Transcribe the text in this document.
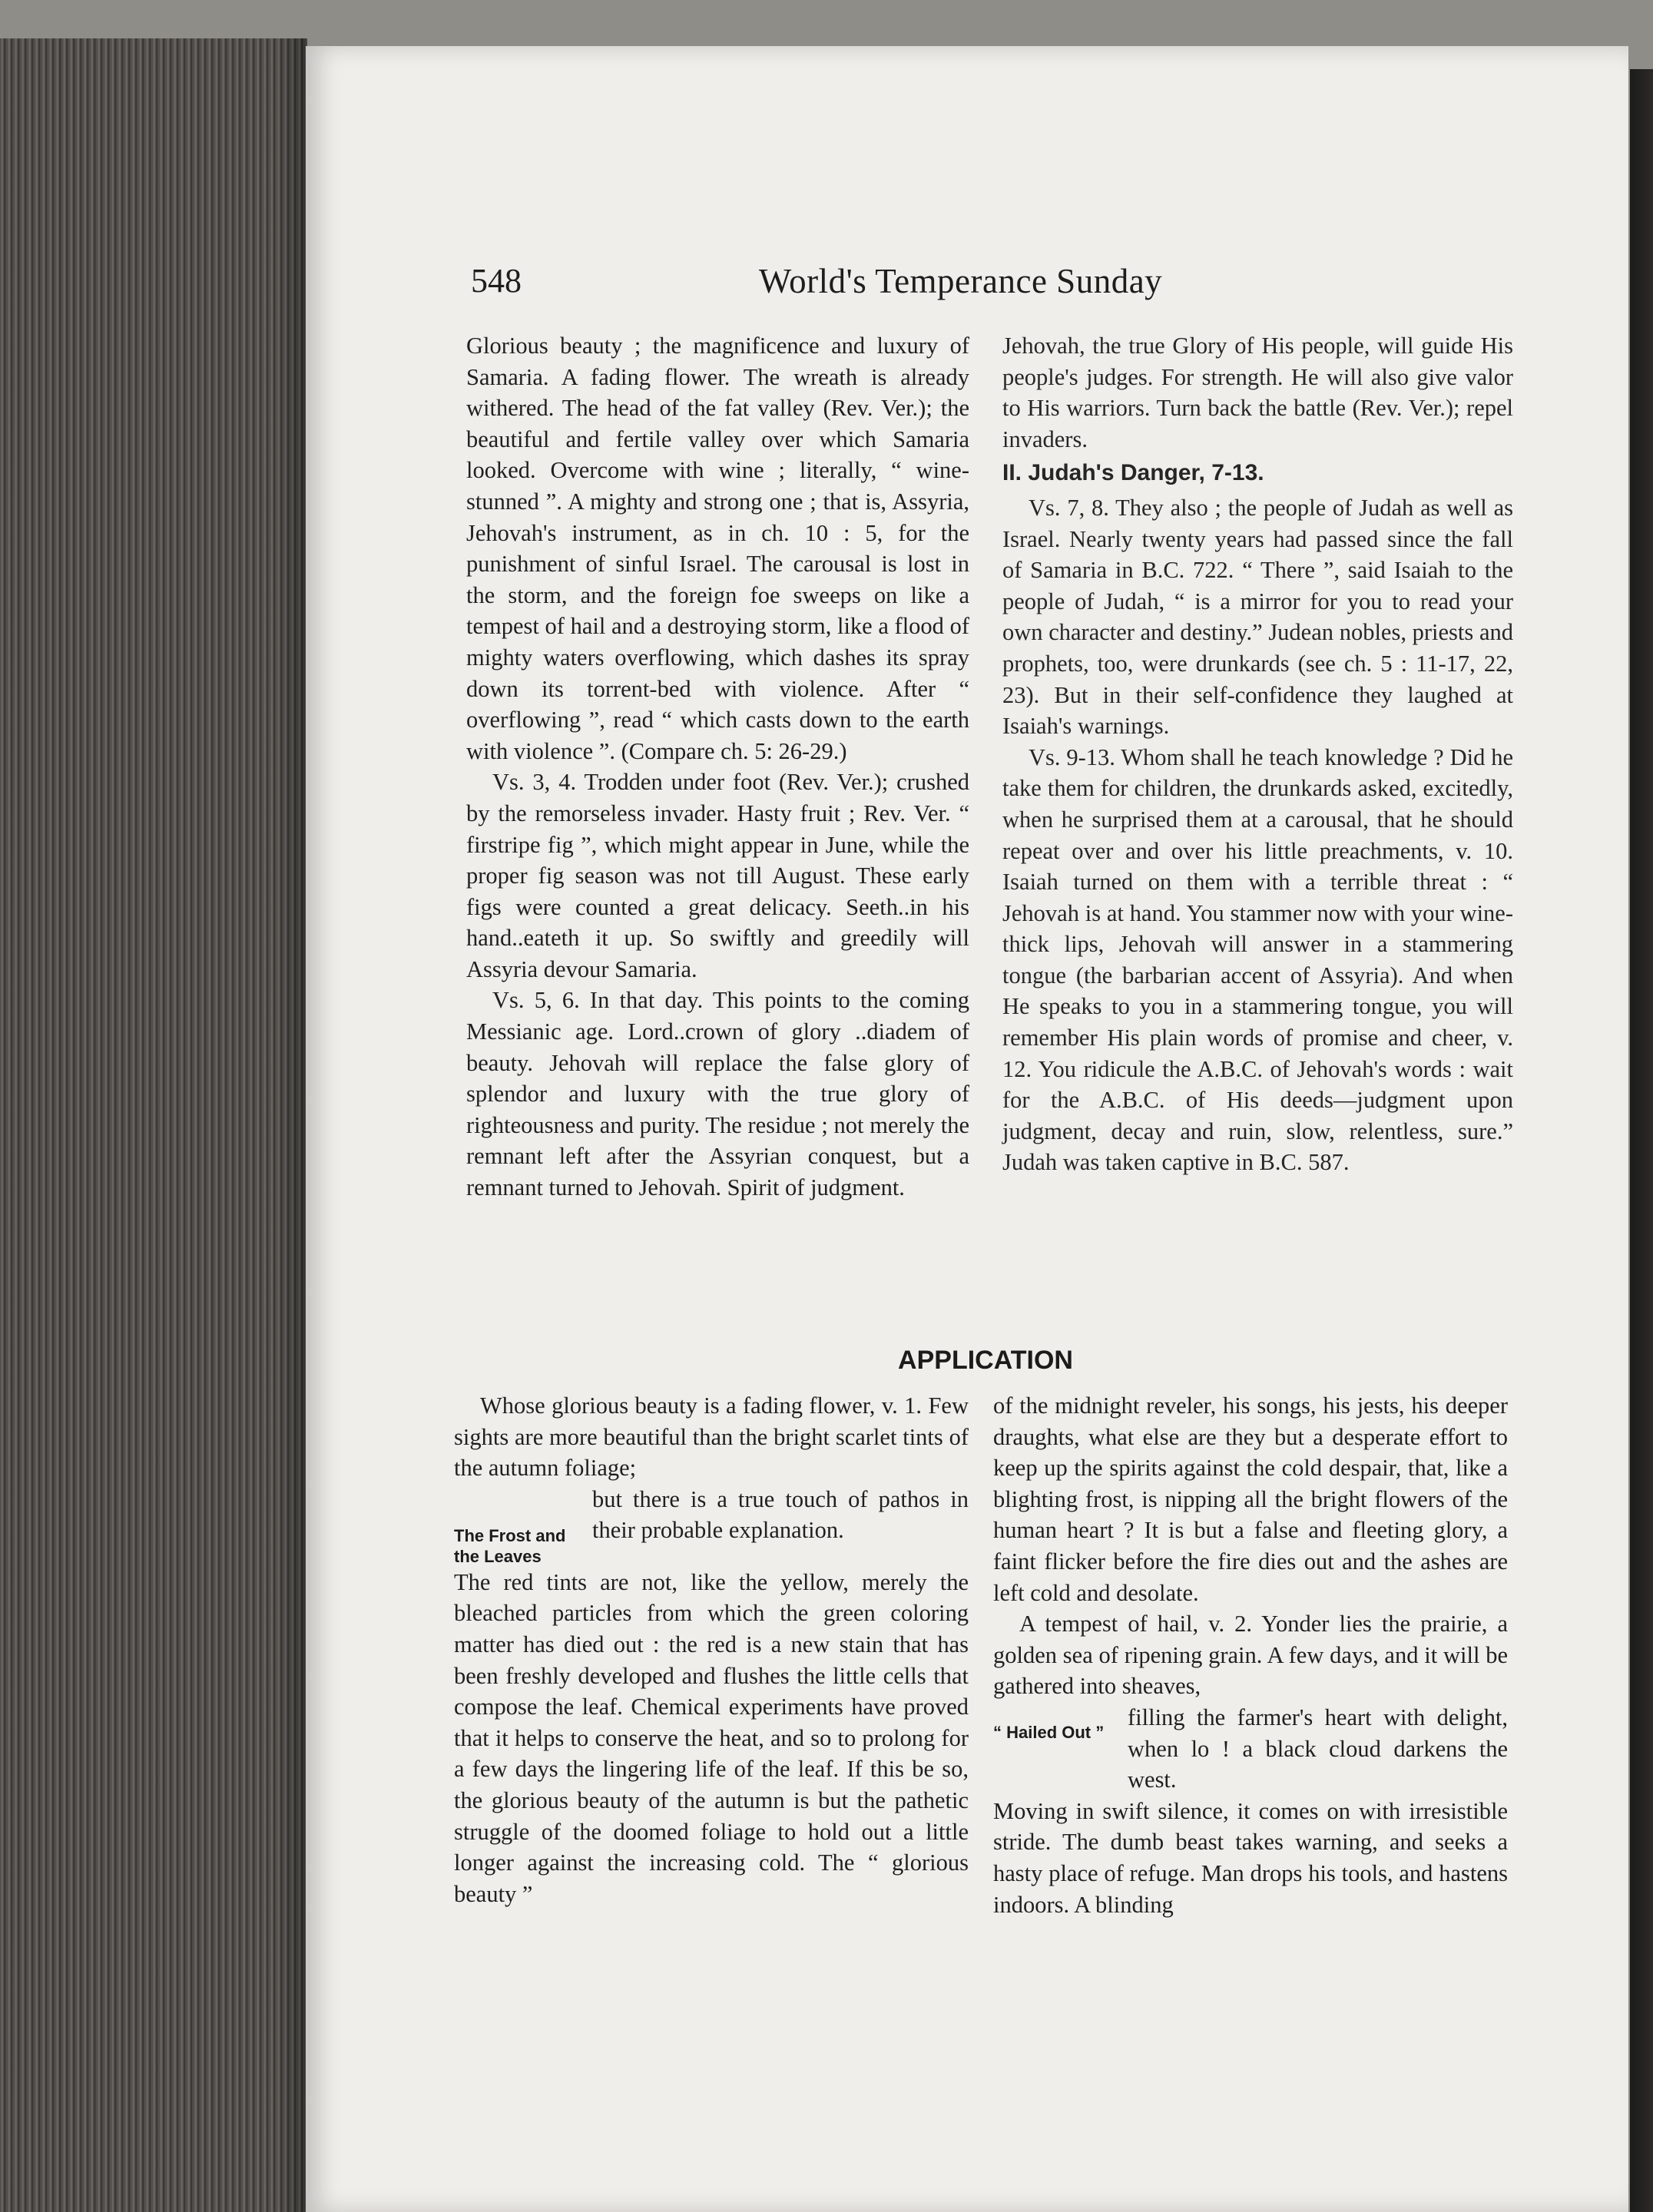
548	World's Temperance Sunday

Glorious beauty ; the magnificence and luxury of Samaria. A fading flower. The wreath is already withered. The head of the fat valley (Rev. Ver.); the beautiful and fertile valley over which Samaria looked. Overcome with wine ; literally, “ wine-stunned ”. A mighty and strong one ; that is, Assyria, Jehovah's instrument, as in ch. 10 : 5, for the punishment of sinful Israel. The carousal is lost in the storm, and the foreign foe sweeps on like a tempest of hail and a destroying storm, like a flood of mighty waters overflowing, which dashes its spray down its torrent-bed with violence. After “ overflowing ”, read “ which casts down to the earth with violence ”. (Compare ch. 5: 26-29.)

Vs. 3, 4. Trodden under foot (Rev. Ver.); crushed by the remorseless invader. Hasty fruit ; Rev. Ver. “ firstripe fig ”, which might appear in June, while the proper fig season was not till August. These early figs were counted a great delicacy. Seeth..in his hand..eateth it up. So swiftly and greedily will Assyria devour Samaria.

Vs. 5, 6. In that day. This points to the coming Messianic age. Lord..crown of glory ..diadem of beauty. Jehovah will replace the false glory of splendor and luxury with the true glory of righteousness and purity. The residue ; not merely the remnant left after the Assyrian conquest, but a remnant turned to Jehovah. Spirit of judgment.

Jehovah, the true Glory of His people, will guide His people's judges. For strength. He will also give valor to His warriors. Turn back the battle (Rev. Ver.); repel invaders.

II. Judah's Danger, 7-13.

Vs. 7, 8. They also ; the people of Judah as well as Israel. Nearly twenty years had passed since the fall of Samaria in B.C. 722. “ There ”, said Isaiah to the people of Judah, “ is a mirror for you to read your own character and destiny.” Judean nobles, priests and prophets, too, were drunkards (see ch. 5 : 11-17, 22, 23). But in their self-confidence they laughed at Isaiah's warnings.

Vs. 9-13. Whom shall he teach knowledge ? Did he take them for children, the drunkards asked, excitedly, when he surprised them at a carousal, that he should repeat over and over his little preachments, v. 10. Isaiah turned on them with a terrible threat : “ Jehovah is at hand. You stammer now with your wine-thick lips, Jehovah will answer in a stammering tongue (the barbarian accent of Assyria). And when He speaks to you in a stammering tongue, you will remember His plain words of promise and cheer, v. 12. You ridicule the A.B.C. of Jehovah's words : wait for the A.B.C. of His deeds—judgment upon judgment, decay and ruin, slow, relentless, sure.” Judah was taken captive in B.C. 587.

APPLICATION

Whose glorious beauty is a fading flower, v. 1. Few sights are more beautiful than the bright scarlet tints of the autumn foliage;

The Frost and the Leaves
but there is a true touch of pathos in their probable explanation.

The red tints are not, like the yellow, merely the bleached particles from which the green coloring matter has died out : the red is a new stain that has been freshly developed and flushes the little cells that compose the leaf. Chemical experiments have proved that it helps to conserve the heat, and so to prolong for a few days the lingering life of the leaf. If this be so, the glorious beauty of the autumn is but the pathetic struggle of the doomed foliage to hold out a little longer against the increasing cold. The “ glorious beauty ”

of the midnight reveler, his songs, his jests, his deeper draughts, what else are they but a desperate effort to keep up the spirits against the cold despair, that, like a blighting frost, is nipping all the bright flowers of the human heart ? It is but a false and fleeting glory, a faint flicker before the fire dies out and the ashes are left cold and desolate.

A tempest of hail, v. 2. Yonder lies the prairie, a golden sea of ripening grain. A few days, and it will be gathered into sheaves,

“ Hailed Out ”
filling the farmer's heart with delight, when lo ! a black cloud darkens the west.

Moving in swift silence, it comes on with irresistible stride. The dumb beast takes warning, and seeks a hasty place of refuge. Man drops his tools, and hastens indoors. A blinding
